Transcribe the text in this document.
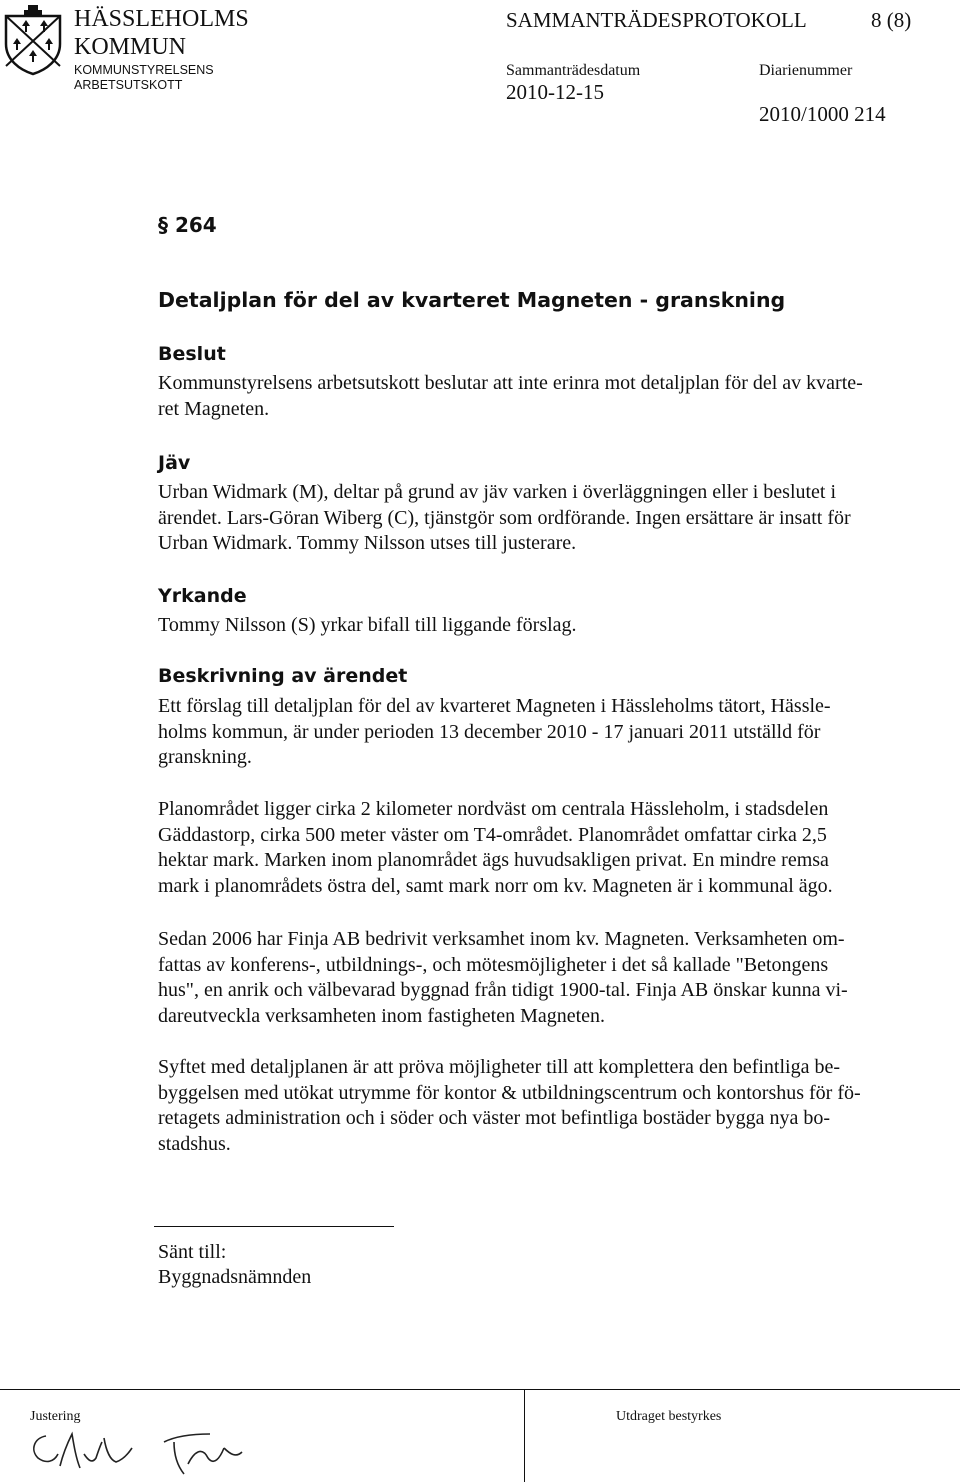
HÄSSLEHOLMS
KOMMUN
KOMMUNSTYRELSENS
ARBETSUTSKOTT
SAMMANTRÄDESPROTOKOLL	8 (8)
Sammanträdesdatum
2010-12-15
Diarienummer
2010/1000 214
§ 264
Detaljplan för del av kvarteret Magneten - granskning
Beslut

Kommunstyrelsens arbetsutskott beslutar att inte erinra mot detaljplan för del av kvarte-

ret Magneten.

Jäv

Urban Widmark (M), deltar på grund av jäv varken i överläggningen eller i beslutet i

ärendet. Lars-Göran Wiberg (C), tjänstgör som ordförande. Ingen ersättare är insatt för

Urban Widmark. Tommy Nilsson utses till justerare.

Yrkande

Tommy Nilsson (S) yrkar bifall till liggande förslag.

Beskrivning av ärendet

Ett förslag till detaljplan för del av kvarteret Magneten i Hässleholms tätort, Hässle-

holms kommun, är under perioden 13 december 2010 - 17 januari 2011 utställd för

granskning.

Planområdet ligger cirka 2 kilometer nordväst om centrala Hässleholm, i stadsdelen

Gäddastorp, cirka 500 meter väster om T4-området. Planområdet omfattar cirka 2,5

hektar mark. Marken inom planområdet ägs huvudsakligen privat. En mindre remsa

mark i planområdets östra del, samt mark norr om kv. Magneten är i kommunal ägo.

Sedan 2006 har Finja AB bedrivit verksamhet inom kv. Magneten. Verksamheten om-

fattas av konferens-, utbildnings-, och mötesmöjligheter i det så kallade "Betongens

hus", en anrik och välbevarad byggnad från tidigt 1900-tal. Finja AB önskar kunna vi-

dareutveckla verksamheten inom fastigheten Magneten.

Syftet med detaljplanen är att pröva möjligheter till att komplettera den befintliga be-

byggelsen med utökat utrymme för kontor & utbildningscentrum och kontorshus för fö-

retagets administration och i söder och väster mot befintliga bostäder bygga nya bo-

stadshus.

Sänt till:
Byggnadsnämnden
Justering	Utdraget bestyrkes
